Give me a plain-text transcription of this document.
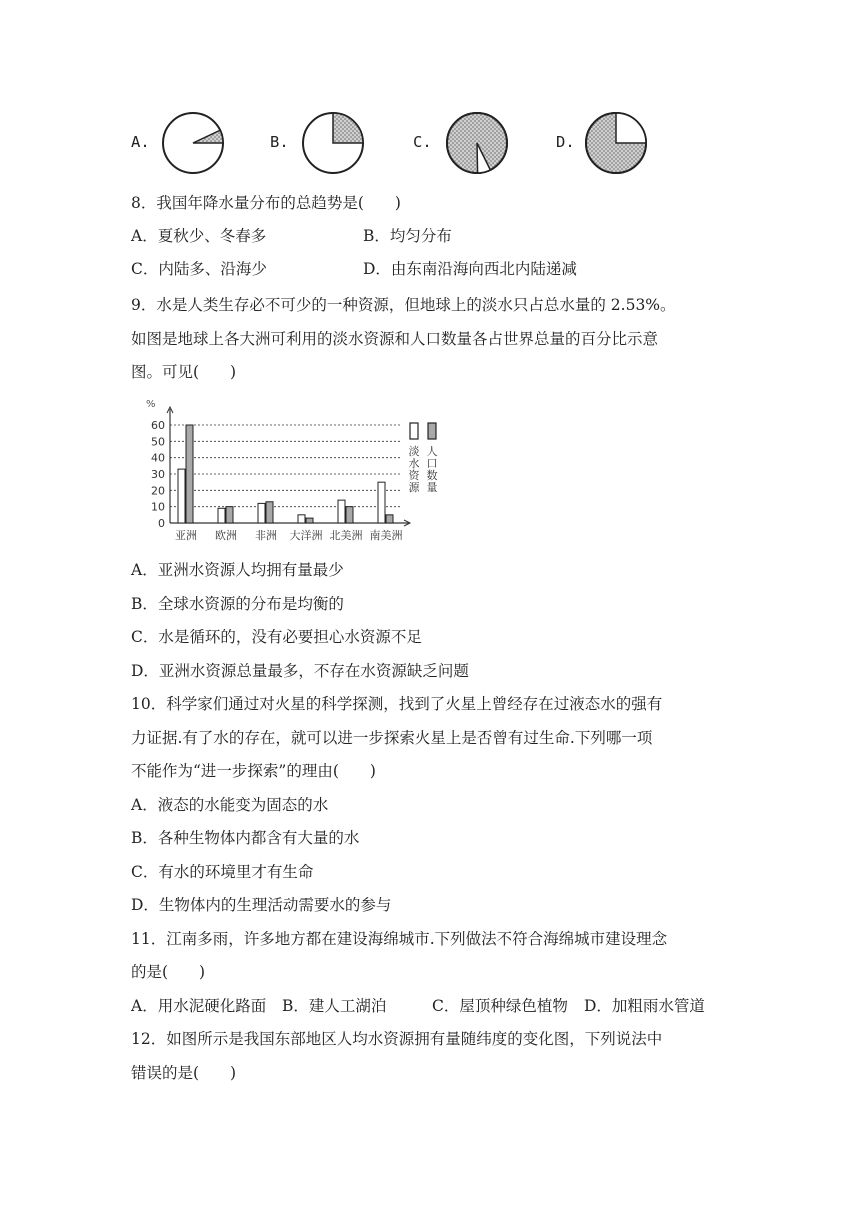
A.	B.	C.	D.
8．我国年降水量分布的总趋势是(　　)
A．夏秋少、冬春多	B．均匀分布
C．内陆多、沿海少	D．由东南沿海向西北内陆递减
9．水是人类生存必不可少的一种资源，但地球上的淡水只占总水量的 2.53%。
如图是地球上各大洲可利用的淡水资源和人口数量各占世界总量的百分比示意
图。可见(　　)
%
0
10
20
30
40
50
60
亚洲 欧洲 非洲 大洋洲 北美洲 南美洲
淡水资源
人口数量
A．亚洲水资源人均拥有量最少
B．全球水资源的分布是均衡的
C．水是循环的，没有必要担心水资源不足
D．亚洲水资源总量最多，不存在水资源缺乏问题
10．科学家们通过对火星的科学探测，找到了火星上曾经存在过液态水的强有
力证据.有了水的存在，就可以进一步探索火星上是否曾有过生命.下列哪一项
不能作为“进一步探索”的理由(　　)
A．液态的水能变为固态的水
B．各种生物体内都含有大量的水
C．有水的环境里才有生命
D．生物体内的生理活动需要水的参与
11．江南多雨，许多地方都在建设海绵城市.下列做法不符合海绵城市建设理念
的是(　　)
A．用水泥硬化路面 B．建人工湖泊	C．屋顶种绿色植物 D．加粗雨水管道
12．如图所示是我国东部地区人均水资源拥有量随纬度的变化图，下列说法中
错误的是(　　)
